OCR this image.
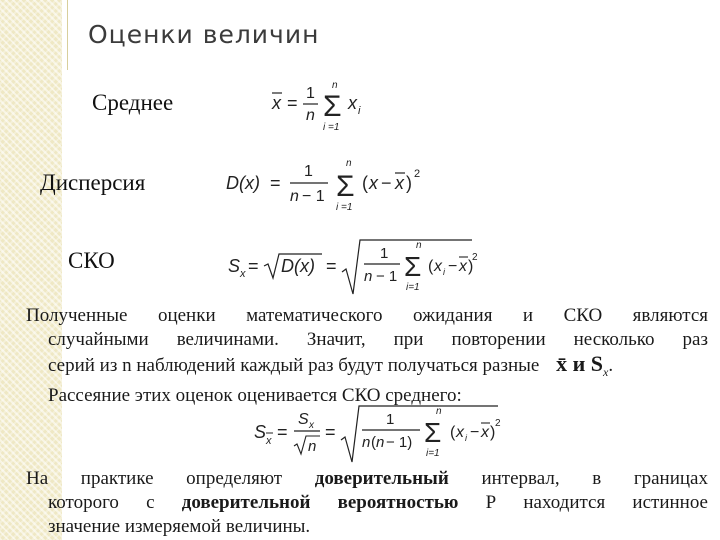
Оценки величин
Среднее
Дисперсия
СКО
x = 1
n
n
Σ
i =1
x i
D(x) =
1
n − 1
n
Σ
i =1
( x − x ) 2
S x = D(x) =
1
n − 1
n
Σ
i=1
( x i − x )
2
Полученные оценки математического ожидания и СКО являются
случайными величинами. Значит, при повторении несколько раз
серий из n наблюдений каждый раз будут получаться разные x̄ и $S_x$.
Рассеяние этих оценок оценивается СКО среднего:
S x =
S x
n
=
1
n ( n − 1)
n
Σ
i=1
( x i − x )
2
На практике определяют доверительный интервал, в границах
которого с доверительной вероятностью Р находится истинное
значение измеряемой величины.
